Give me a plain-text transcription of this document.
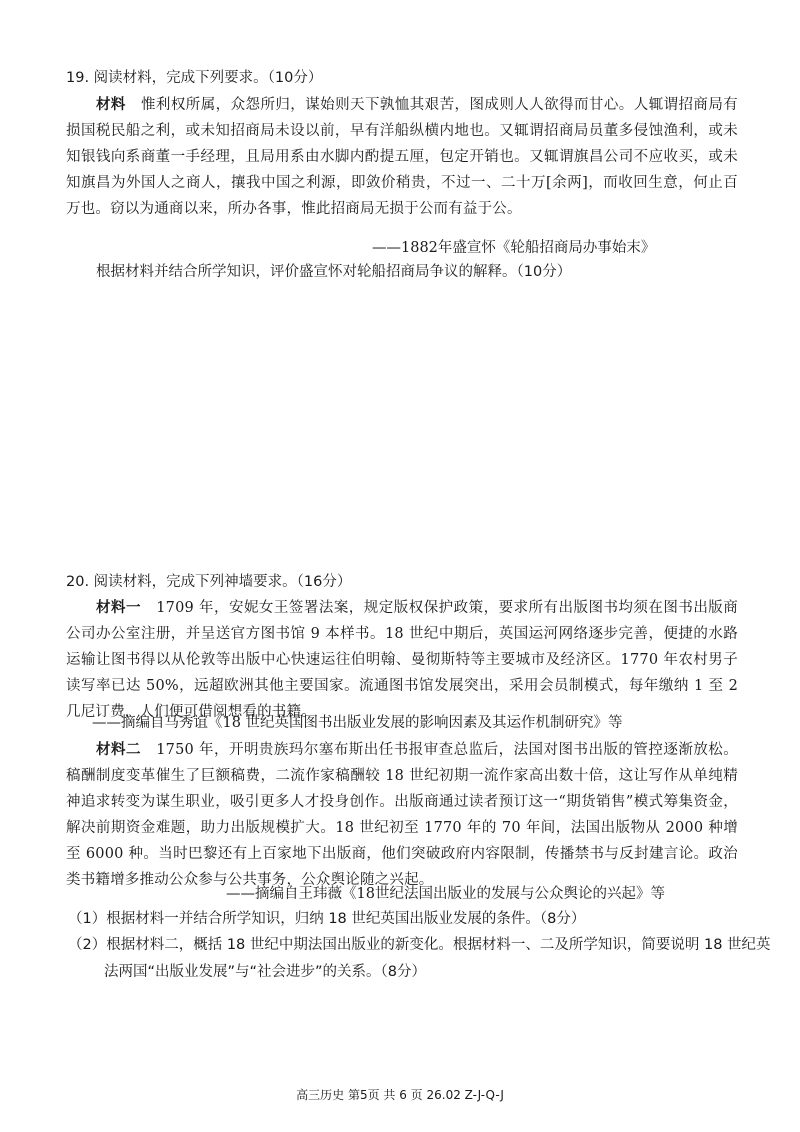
19. 阅读材料，完成下列要求。（10分）
材料 惟利权所属，众怨所归，谋始则天下孰恤其艰苦，图成则人人欲得而甘心。人辄谓招商局有损国税民船之利，或未知招商局未设以前，早有洋船纵横内地也。又辄谓招商局员董多侵蚀渔利，或未知银钱向系商董一手经理，且局用系由水脚内酌提五厘，包定开销也。又辄谓旗昌公司不应收买，或未知旗昌为外国人之商人，攘我中国之利源，即敛价稍贵，不过一、二十万[余两]，而收回生意，何止百万也。窃以为通商以来，所办各事，惟此招商局无损于公而有益于公。
——1882年盛宣怀《轮船招商局办事始末》
根据材料并结合所学知识，评价盛宣怀对轮船招商局争议的解释。（10分）
20. 阅读材料，完成下列神墙要求。（16分）
材料一 1709 年，安妮女王签署法案，规定版权保护政策，要求所有出版图书均须在图书出版商公司办公室注册，并呈送官方图书馆 9 本样书。18 世纪中期后，英国运河网络逐步完善，便捷的水路运输让图书得以从伦敦等出版中心快速运往伯明翰、曼彻斯特等主要城市及经济区。1770 年农村男子读写率已达 50%，远超欧洲其他主要国家。流通图书馆发展突出，采用会员制模式，每年缴纳 1 至 2 几尼订费，人们便可借阅想看的书籍。
——摘编自马秀谊《18 世纪英国图书出版业发展的影响因素及其运作机制研究》等
材料二 1750 年，开明贵族玛尔塞布斯出任书报审查总监后，法国对图书出版的管控逐渐放松。稿酬制度变革催生了巨额稿费，二流作家稿酬较 18 世纪初期一流作家高出数十倍，这让写作从单纯精神追求转变为谋生职业，吸引更多人才投身创作。出版商通过读者预订这一“期货销售”模式筹集资金，解决前期资金难题，助力出版规模扩大。18 世纪初至 1770 年的 70 年间，法国出版物从 2000 种增至 6000 种。当时巴黎还有上百家地下出版商，他们突破政府内容限制，传播禁书与反封建言论。政治类书籍增多推动公众参与公共事务，公众舆论随之兴起。
——摘编自王玮薇《18世纪法国出版业的发展与公众舆论的兴起》等
（1）根据材料一并结合所学知识，归纳 18 世纪英国出版业发展的条件。（8分）
（2）根据材料二，概括 18 世纪中期法国出版业的新变化。根据材料一、二及所学知识，简要说明 18 世纪英法两国“出版业发展”与“社会进步”的关系。（8分）
高三历史 第5页 共 6 页 26.02 Z-J-Q-J
